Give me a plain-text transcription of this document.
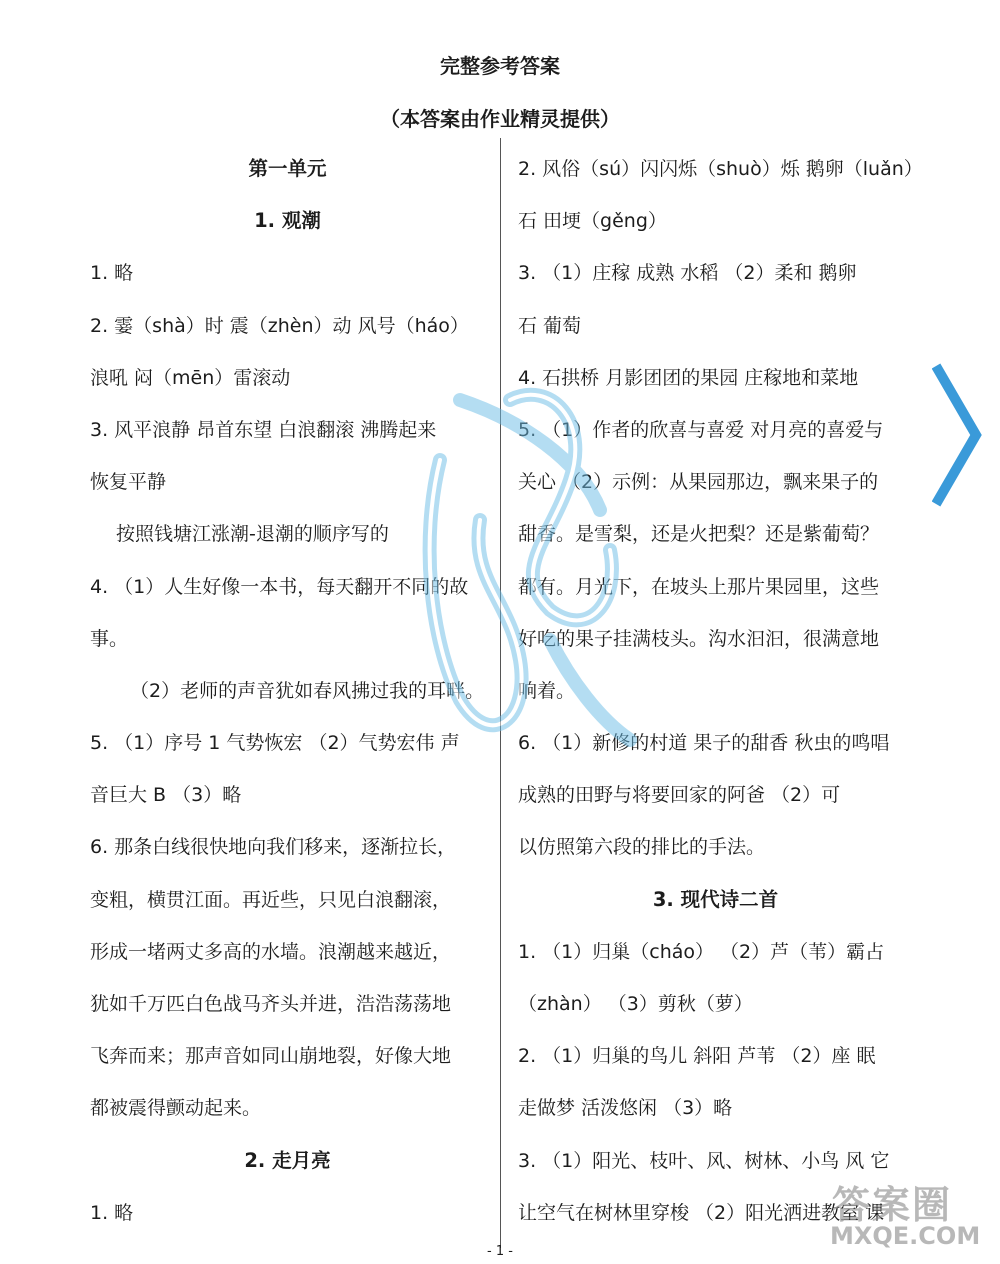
完整参考答案
（本答案由作业精灵提供）
第一单元
1. 观潮
1. 略
2. 霎（shà）时 震（zhèn）动 风号（háo）
浪吼 闷（mēn）雷滚动
3. 风平浪静 昂首东望 白浪翻滚 沸腾起来
恢复平静
按照钱塘江涨潮-退潮的顺序写的
4. （1）人生好像一本书，每天翻开不同的故
事。
（2）老师的声音犹如春风拂过我的耳畔。
5. （1）序号 1 气势恢宏 （2）气势宏伟 声
音巨大 B （3）略
6. 那条白线很快地向我们移来，逐渐拉长，
变粗，横贯江面。再近些，只见白浪翻滚，
形成一堵两丈多高的水墙。浪潮越来越近，
犹如千万匹白色战马齐头并进，浩浩荡荡地
飞奔而来；那声音如同山崩地裂，好像大地
都被震得颤动起来。
2. 走月亮
1. 略
2. 风俗（sú）闪闪烁（shuò）烁 鹅卵（luǎn）
石 田埂（gěng）
3. （1）庄稼 成熟 水稻 （2）柔和 鹅卵
石 葡萄
4. 石拱桥 月影团团的果园 庄稼地和菜地
5. （1）作者的欣喜与喜爱 对月亮的喜爱与
关心 （2）示例：从果园那边，飘来果子的
甜香。是雪梨，还是火把梨？还是紫葡萄？
都有。月光下，在坡头上那片果园里，这些
好吃的果子挂满枝头。沟水汩汩，很满意地
响着。
6. （1）新修的村道 果子的甜香 秋虫的鸣唱
成熟的田野与将要回家的阿爸 （2）可
以仿照第六段的排比的手法。
3. 现代诗二首
1. （1）归巢（cháo） （2）芦（苇）霸占
（zhàn） （3）剪秋（萝）
2. （1）归巢的鸟儿 斜阳 芦苇 （2）座 眠
走做梦 活泼悠闲 （3）略
3. （1）阳光、枝叶、风、树林、小鸟 风 它
让空气在树林里穿梭 （2）阳光洒进教室 课
答案圈
MXQE.COM
- 1 -
